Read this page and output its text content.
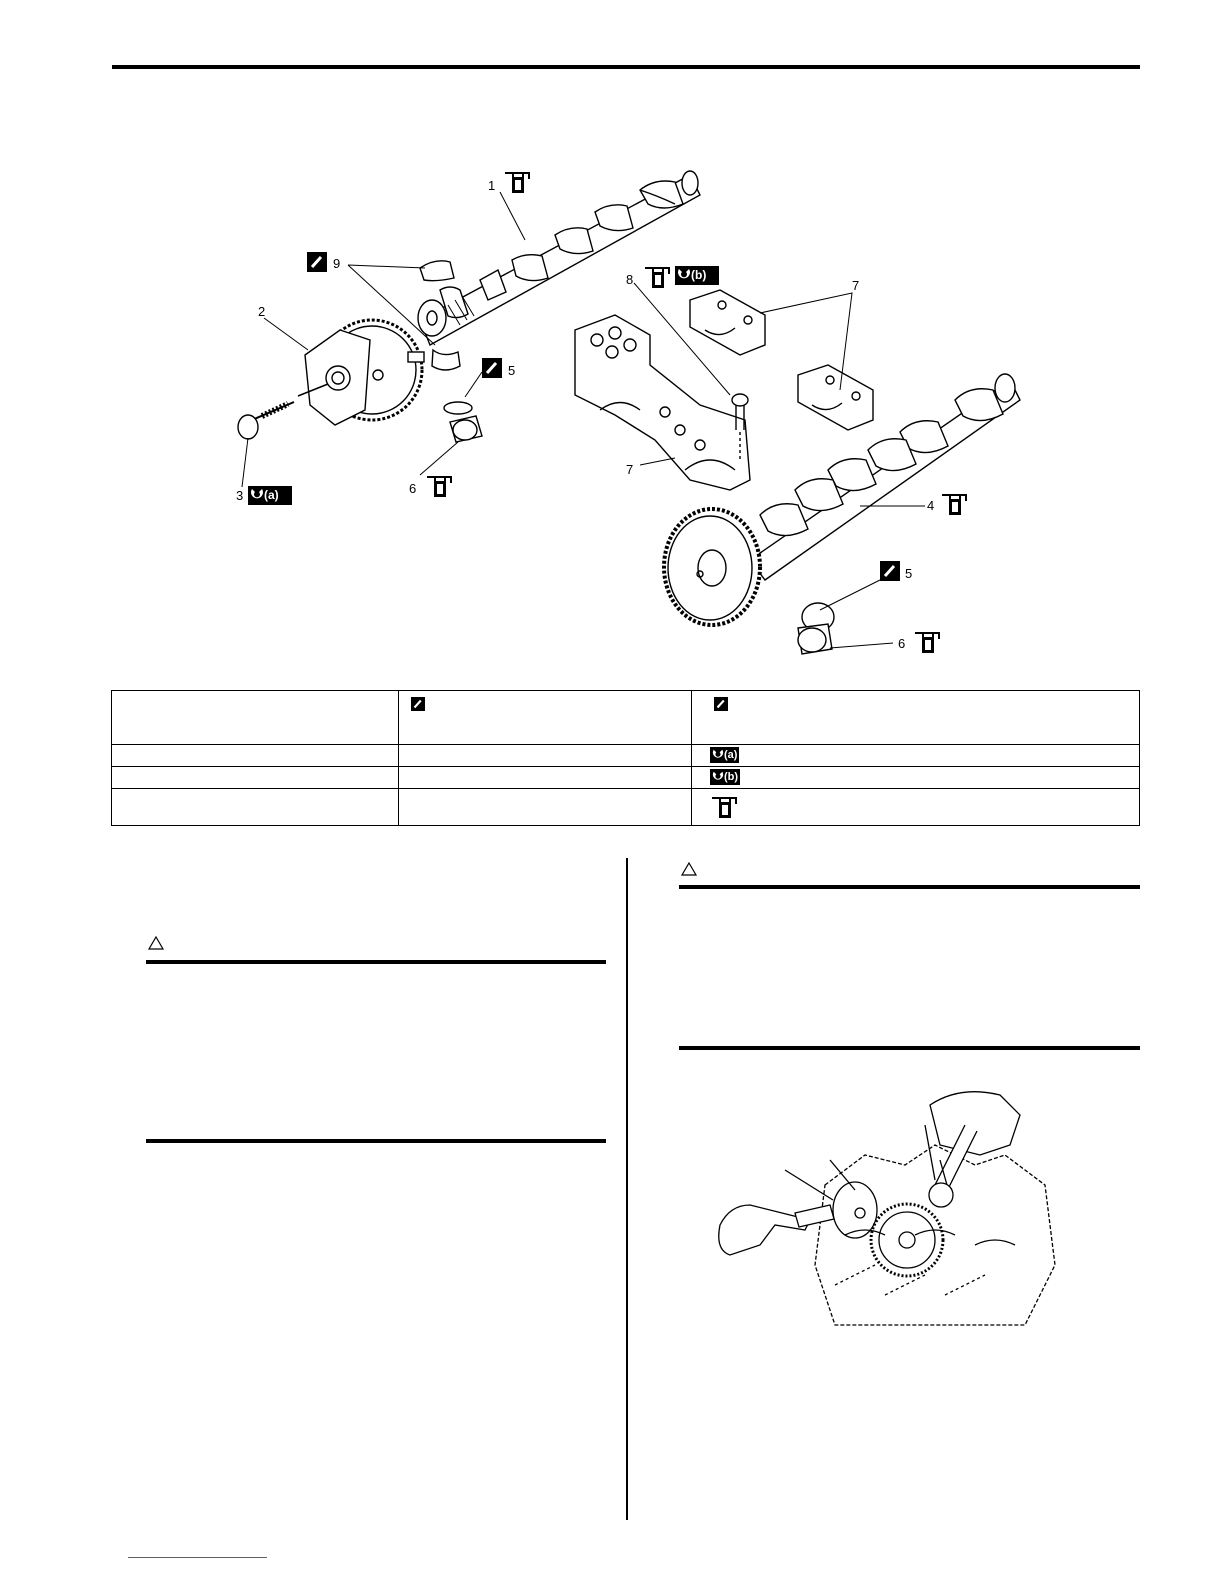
1
2
3
4
5
5
6
6
7
7
8
9
(a)
(b)

		(a)
		(b)
